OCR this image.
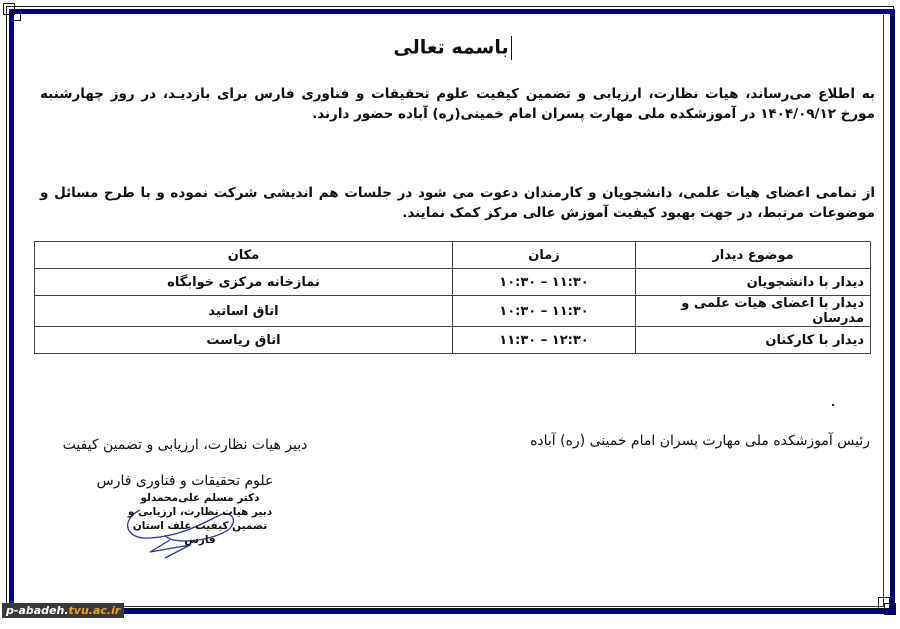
باسمه تعالی
به اطلاع می‌رساند، هیات نظارت، ارزیابی و تضمین کیفیت علوم تحقیقات و فناوری فارس برای بازدیـد، در روز چهارشنبه مورخ ۱۴۰۴/۰۹/۱۲ در آموزشکده ملی مهارت پسران امام خمینی(ره) آباده حضور دارند.
از تمامی اعضای هیات علمی، دانشجویان و کارمندان دعوت می شود در جلسات هم اندیشی شرکت نموده و با طرح مسائل و موضوعات مرتبط، در جهت بهبود کیفیت آموزش عالی مرکز کمک نمایند.
موضوع دیدار	زمان	مکان
دیدار با دانشجویان	۱۰:۳۰ – ۱۱:۳۰	نمازخانه مرکزی خوابگاه
دیدار با اعضای هیات علمی و مدرسان	۱۰:۳۰ – ۱۱:۳۰	اتاق اساتید
دیدار با کارکنان	۱۱:۳۰ – ۱۲:۳۰	اتاق ریاست
رئیس آموزشکده ملی مهارت پسران امام خمینی (ره) آباده
دبیر هیات نظارت، ارزیابی و تضمین کیفیت
علوم تحقیقات و فناوری فارس
دکتر مسلم علی‌محمدلو
دبیر هیات نظارت، ارزیابی و
تضمین کیفیت علف استان فارس
p-abadeh.tvu.ac.ir
